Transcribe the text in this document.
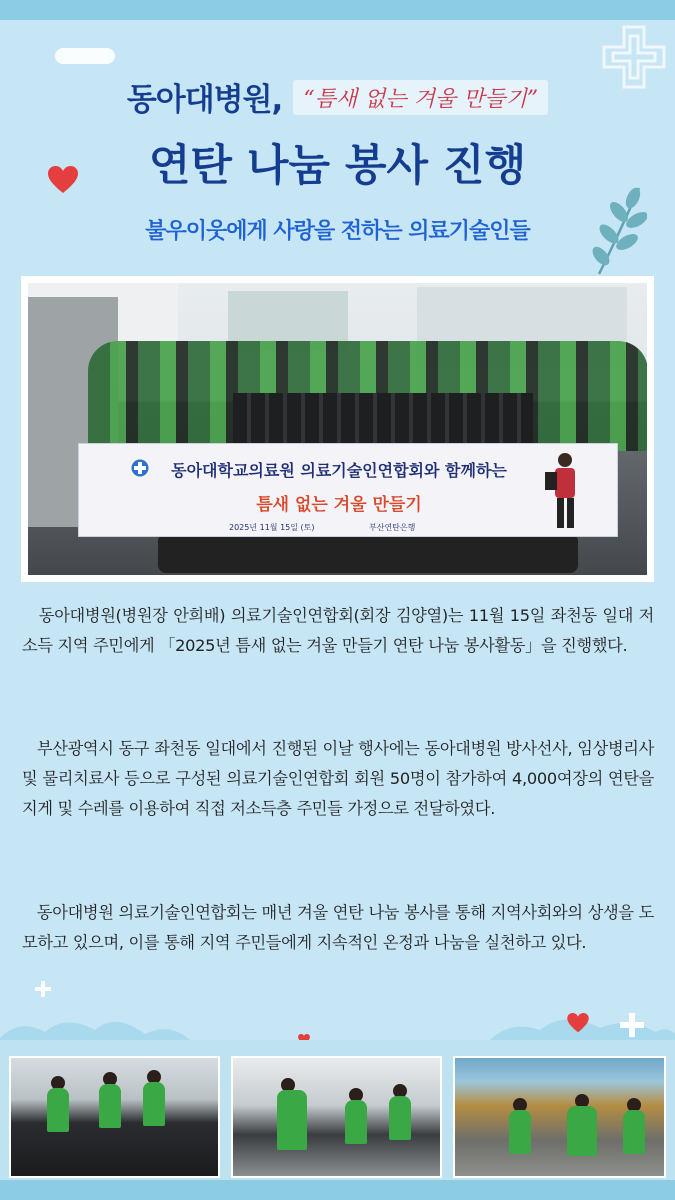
동아대병원, “틈새 없는 겨울 만들기”
연탄 나눔 봉사 진행
불우이웃에게 사랑을 전하는 의료기술인들
동아대학교의료원 의료기술인연합회와 함께하는
틈새 없는 겨울 만들기
2025년 11월 15일 (토)	부산연탄은행

동아대병원(병원장 안희배) 의료기술인연합회(회장 김양열)는 11월 15일 좌천동 일대 저소득 지역 주민에게 「2025년 틈새 없는 겨울 만들기 연탄 나눔 봉사활동」을 진행했다.

부산광역시 동구 좌천동 일대에서 진행된 이날 행사에는 동아대병원 방사선사, 임상병리사 및 물리치료사 등으로 구성된 의료기술인연합회 회원 50명이 참가하여 4,000여장의 연탄을 지게 및 수레를 이용하여 직접 저소득층 주민들 가정으로 전달하였다.

동아대병원 의료기술인연합회는 매년 겨울 연탄 나눔 봉사를 통해 지역사회와의 상생을 도모하고 있으며, 이를 통해 지역 주민들에게 지속적인 온정과 나눔을 실천하고 있다.
